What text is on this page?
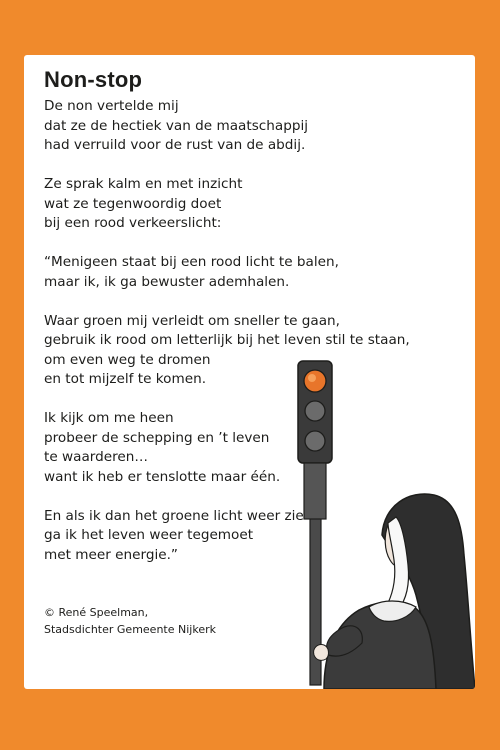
Non-stop
De non vertelde mij
dat ze de hectiek van de maatschappij
had verruild voor de rust van de abdij.
Ze sprak kalm en met inzicht
wat ze tegenwoordig doet
bij een rood verkeerslicht:
“Menigeen staat bij een rood licht te balen,
maar ik, ik ga bewuster ademhalen.
Waar groen mij verleidt om sneller te gaan,
gebruik ik rood om letterlijk bij het leven stil te staan,
om even weg te dromen
en tot mijzelf te komen.
Ik kijk om me heen
probeer de schepping en ’t leven
te waarderen…
want ik heb er tenslotte maar één.
En als ik dan het groene licht weer zie
ga ik het leven weer tegemoet
met meer energie.”
© René Speelman,
Stadsdichter Gemeente Nijkerk
